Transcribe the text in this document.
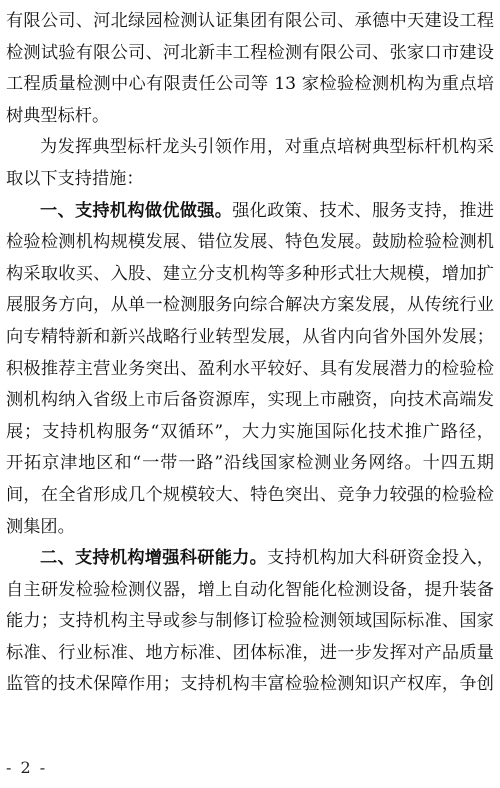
有限公司、河北绿园检测认证集团有限公司、承德中天建设工程
检测试验有限公司、河北新丰工程检测有限公司、张家口市建设
工程质量检测中心有限责任公司等 13 家检验检测机构为重点培
树典型标杆。
为发挥典型标杆龙头引领作用，对重点培树典型标杆机构采
取以下支持措施：
一、支持机构做优做强。强化政策、技术、服务支持，推进
检验检测机构规模发展、错位发展、特色发展。鼓励检验检测机
构采取收买、入股、建立分支机构等多种形式壮大规模，增加扩
展服务方向，从单一检测服务向综合解决方案发展，从传统行业
向专精特新和新兴战略行业转型发展，从省内向省外国外发展；
积极推荐主营业务突出、盈利水平较好、具有发展潜力的检验检
测机构纳入省级上市后备资源库，实现上市融资，向技术高端发
展；支持机构服务“双循环”，大力实施国际化技术推广路径，
开拓京津地区和“一带一路”沿线国家检测业务网络。十四五期
间，在全省形成几个规模较大、特色突出、竞争力较强的检验检
测集团。
二、支持机构增强科研能力。支持机构加大科研资金投入，
自主研发检验检测仪器，增上自动化智能化检测设备，提升装备
能力；支持机构主导或参与制修订检验检测领域国际标准、国家
标准、行业标准、地方标准、团体标准，进一步发挥对产品质量
监管的技术保障作用；支持机构丰富检验检测知识产权库，争创
- 2 -
